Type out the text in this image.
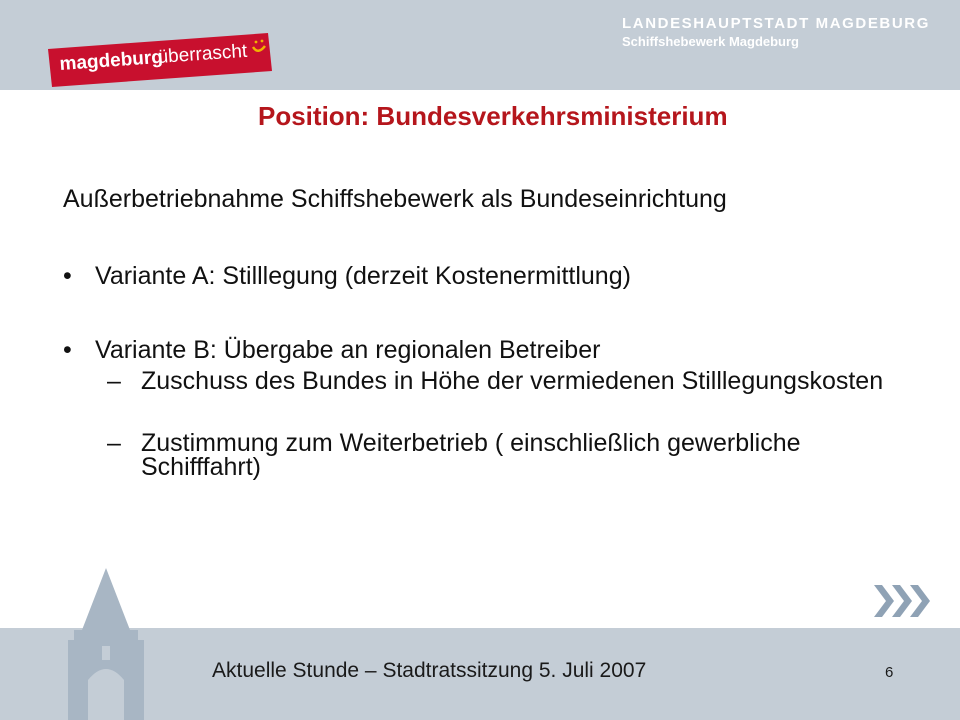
LANDESHAUPTSTADT MAGDEBURG
Schiffshebewerk Magdeburg
magdeburg
überrascht
Position: Bundesverkehrsministerium

Außerbetriebnahme Schiffshebewerk als Bundeseinrichtung

• Variante A: Stilllegung (derzeit Kostenermittlung)
• Variante B: Übergabe an regionalen Betreiber
– Zuschuss des Bundes in Höhe der vermiedenen Stilllegungskosten
– Zustimmung zum Weiterbetrieb ( einschließlich gewerbliche Schifffahrt)
Aktuelle Stunde – Stadtratssitzung 5. Juli 2007	6
